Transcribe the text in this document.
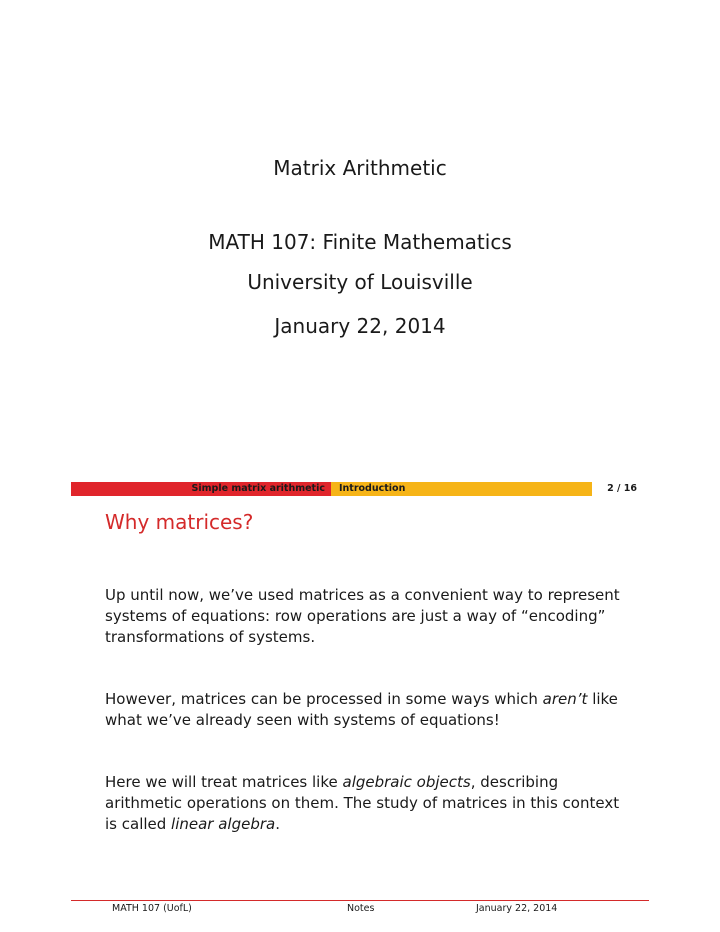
Matrix Arithmetic
MATH 107: Finite Mathematics
University of Louisville
January 22, 2014
Simple matrix arithmetic	Introduction	2 / 16
Why matrices?
Up until now, we’ve used matrices as a convenient way to represent systems of equations: row operations are just a way of “encoding” transformations of systems.
However, matrices can be processed in some ways which aren’t like what we’ve already seen with systems of equations!
Here we will treat matrices like algebraic objects, describing arithmetic operations on them. The study of matrices in this context is called linear algebra.
MATH 107 (UofL)	Notes	January 22, 2014
